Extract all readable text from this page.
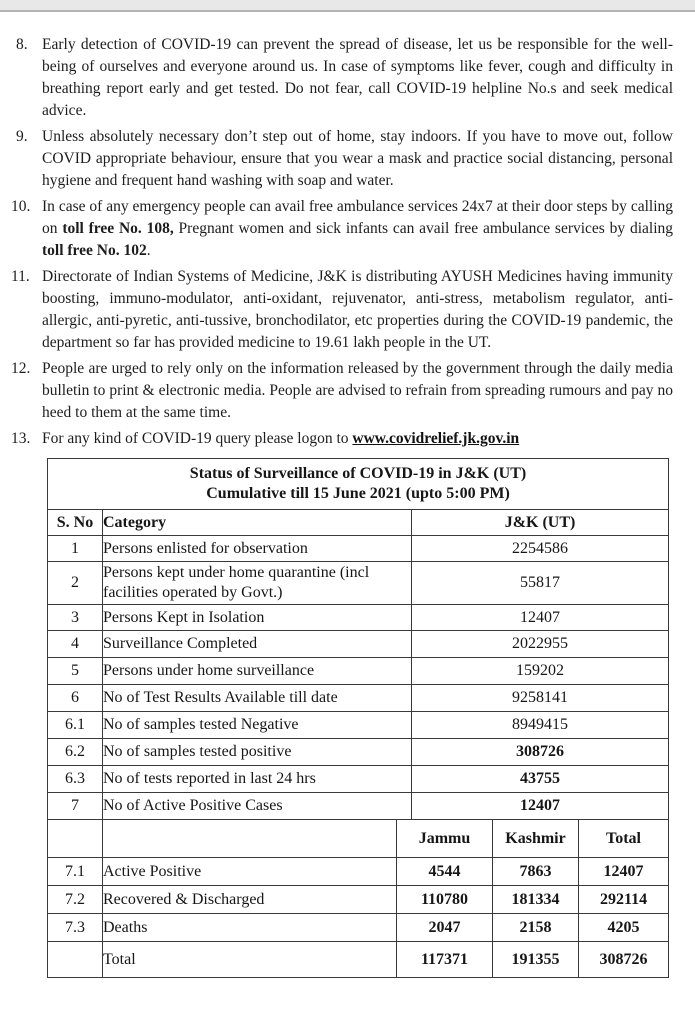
8. Early detection of COVID-19 can prevent the spread of disease, let us be responsible for the well-being of ourselves and everyone around us. In case of symptoms like fever, cough and difficulty in breathing report early and get tested. Do not fear, call COVID-19 helpline No.s and seek medical advice.
9. Unless absolutely necessary don’t step out of home, stay indoors. If you have to move out, follow COVID appropriate behaviour, ensure that you wear a mask and practice social distancing, personal hygiene and frequent hand washing with soap and water.
10. In case of any emergency people can avail free ambulance services 24x7 at their door steps by calling on toll free No. 108, Pregnant women and sick infants can avail free ambulance services by dialing toll free No. 102.
11. Directorate of Indian Systems of Medicine, J&K is distributing AYUSH Medicines having immunity boosting, immuno-modulator, anti-oxidant, rejuvenator, anti-stress, metabolism regulator, anti-allergic, anti-pyretic, anti-tussive, bronchodilator, etc properties during the COVID-19 pandemic, the department so far has provided medicine to 19.61 lakh people in the UT.
12. People are urged to rely only on the information released by the government through the daily media bulletin to print & electronic media. People are advised to refrain from spreading rumours and pay no heed to them at the same time.
13. For any kind of COVID-19 query please logon to www.covidrelief.jk.gov.in
Status of Surveillance of COVID-19 in J&K (UT)
Cumulative till 15 June 2021 (upto 5:00 PM)					

S. No	Category		J&K (UT)		
1	Persons enlisted for observation		2254586		
2	Persons kept under home quarantine (incl facilities operated by Govt.)		55817		
3	Persons Kept in Isolation		12407		
4	Surveillance Completed		2022955		
5	Persons under home surveillance		159202		
6	No of Test Results Available till date		9258141		
6.1	No of samples tested Negative		8949415		
6.2	No of samples tested positive		308726		
6.3	No of tests reported in last 24 hrs		43755		
7	No of Active Positive Cases		12407		
		Jammu		Kashmir	Total
7.1	Active Positive	4544		7863	12407
7.2	Recovered & Discharged	110780		181334	292114
7.3	Deaths	2047		2158	4205
	Total	117371		191355	308726
